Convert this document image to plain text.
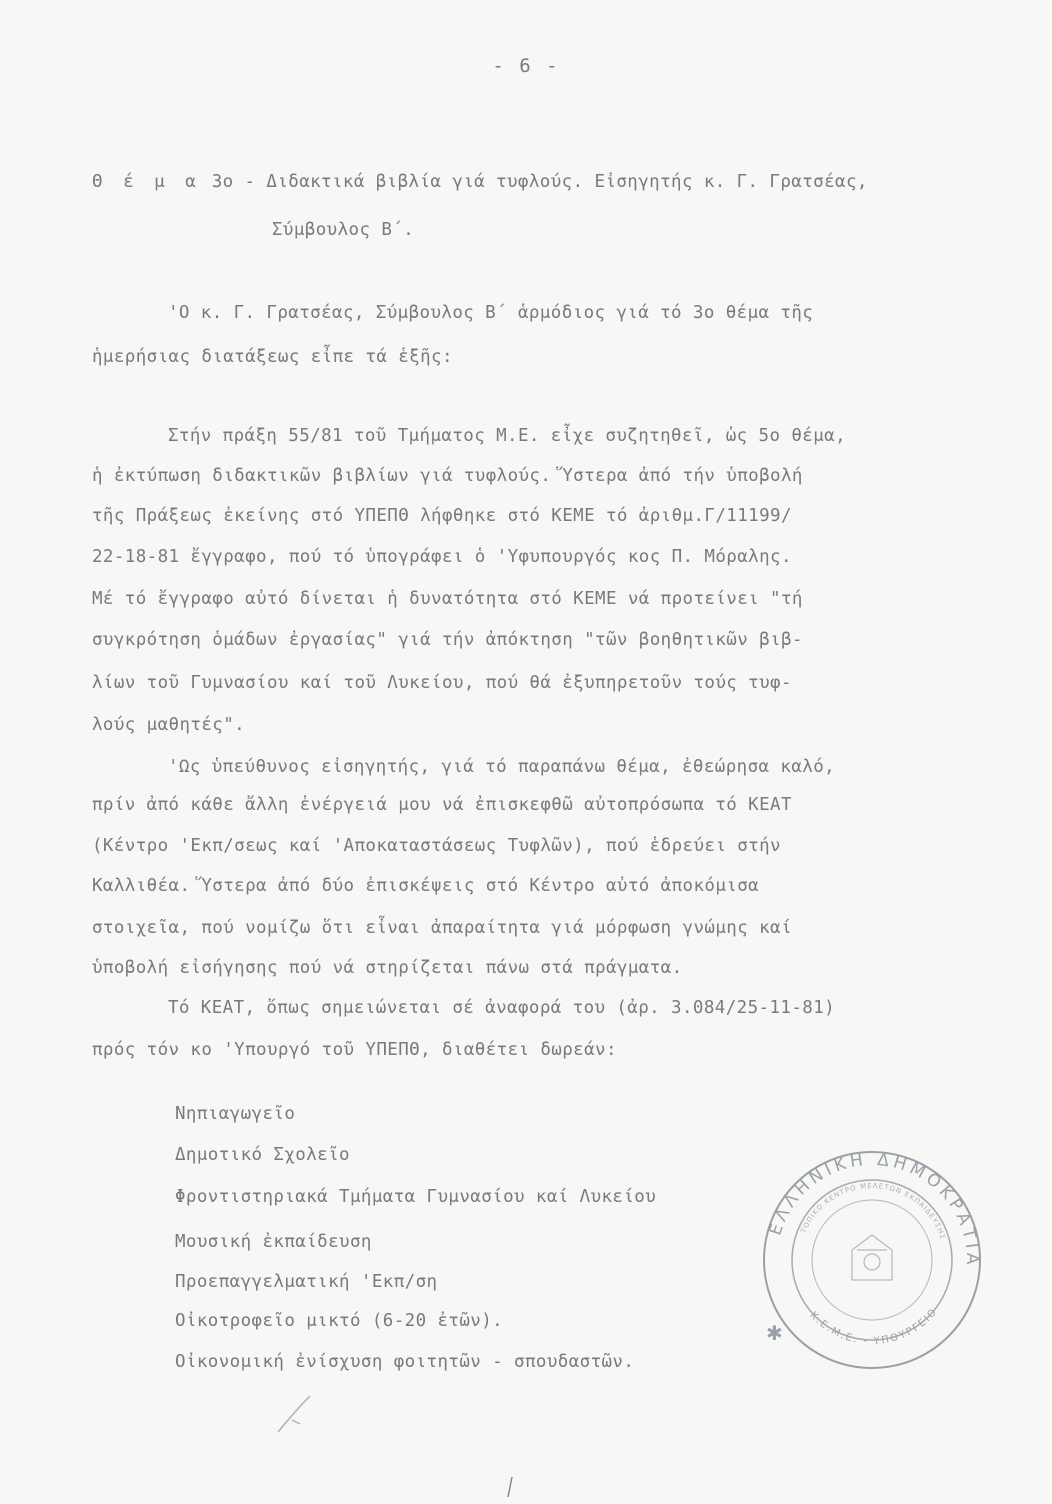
- 6 -
Θ έ μ α 3ο - Διδακτικά βιβλία γιά τυφλούς. Εἰσηγητής κ. Γ. Γρατσέας,
Σύμβουλος Β΄.
'Ο κ. Γ. Γρατσέας, Σύμβουλος Β΄ ἁρμόδιος γιά τό 3ο θέμα τῆς
ἡμερήσιας διατάξεως εἶπε τά ἑξῆς:
Στήν πράξη 55/81 τοῦ Τμήματος Μ.Ε. εἶχε συζητηθεῖ, ὡς 5ο θέμα,
ἡ ἐκτύπωση διδακτικῶν βιβλίων γιά τυφλούς. Ὕστερα ἀπό τήν ὑποβολή
τῆς Πράξεως ἐκείνης στό ΥΠΕΠΘ λήφθηκε στό ΚΕΜΕ τό ἀριθμ.Γ/11199/
22-18-81 ἔγγραφο, πού τό ὑπογράφει ὁ 'Υφυπουργός κος Π. Μόραλης.
Μέ τό ἔγγραφο αὐτό δίνεται ἡ δυνατότητα στό ΚΕΜΕ νά προτείνει "τή
συγκρότηση ὁμάδων ἐργασίας" γιά τήν ἀπόκτηση "τῶν βοηθητικῶν βιβ-
λίων τοῦ Γυμνασίου καί τοῦ Λυκείου, πού θά ἐξυπηρετοῦν τούς τυφ-
λούς μαθητές".
'Ως ὑπεύθυνος εἰσηγητής, γιά τό παραπάνω θέμα, ἐθεώρησα καλό,
πρίν ἀπό κάθε ἄλλη ἐνέργειά μου νά ἐπισκεφθῶ αὐτοπρόσωπα τό ΚΕΑΤ
(Κέντρο 'Εκπ/σεως καί 'Αποκαταστάσεως Τυφλῶν), πού ἑδρεύει στήν
Καλλιθέα. Ὕστερα ἀπό δύο ἐπισκέψεις στό Κέντρο αὐτό ἀποκόμισα
στοιχεῖα, πού νομίζω ὅτι εἶναι ἀπαραίτητα γιά μόρφωση γνώμης καί
ὑποβολή εἰσήγησης πού νά στηρίζεται πάνω στά πράγματα.
Τό ΚΕΑΤ, ὅπως σημειώνεται σέ ἀναφορά του (ἀρ. 3.084/25-11-81)
πρός τόν κο 'Υπουργό τοῦ ΥΠΕΠΘ, διαθέτει δωρεάν:
Νηπιαγωγεῖο
Δημοτικό Σχολεῖο
Φροντιστηριακά Τμήματα Γυμνασίου καί Λυκείου
Μουσική ἐκπαίδευση
Προεπαγγελματική 'Εκπ/ση
Οἰκοτροφεῖο μικτό (6-20 ἐτῶν).
Οἰκονομική ἐνίσχυση φοιτητῶν - σπουδαστῶν.
ΕΛΛΗΝΙΚΗ ΔΗΜΟΚΡΑΤΙΑ
ΤΟΠΙΚΟ ΚΕΝΤΡΟ ΜΕΛΕΤΩΝ ΕΚΠΑΙΔΕΥΣΗΣ
Κ.Ε.Μ.Ε. - ΥΠΟΥΡΓΕΙΟ
✱
